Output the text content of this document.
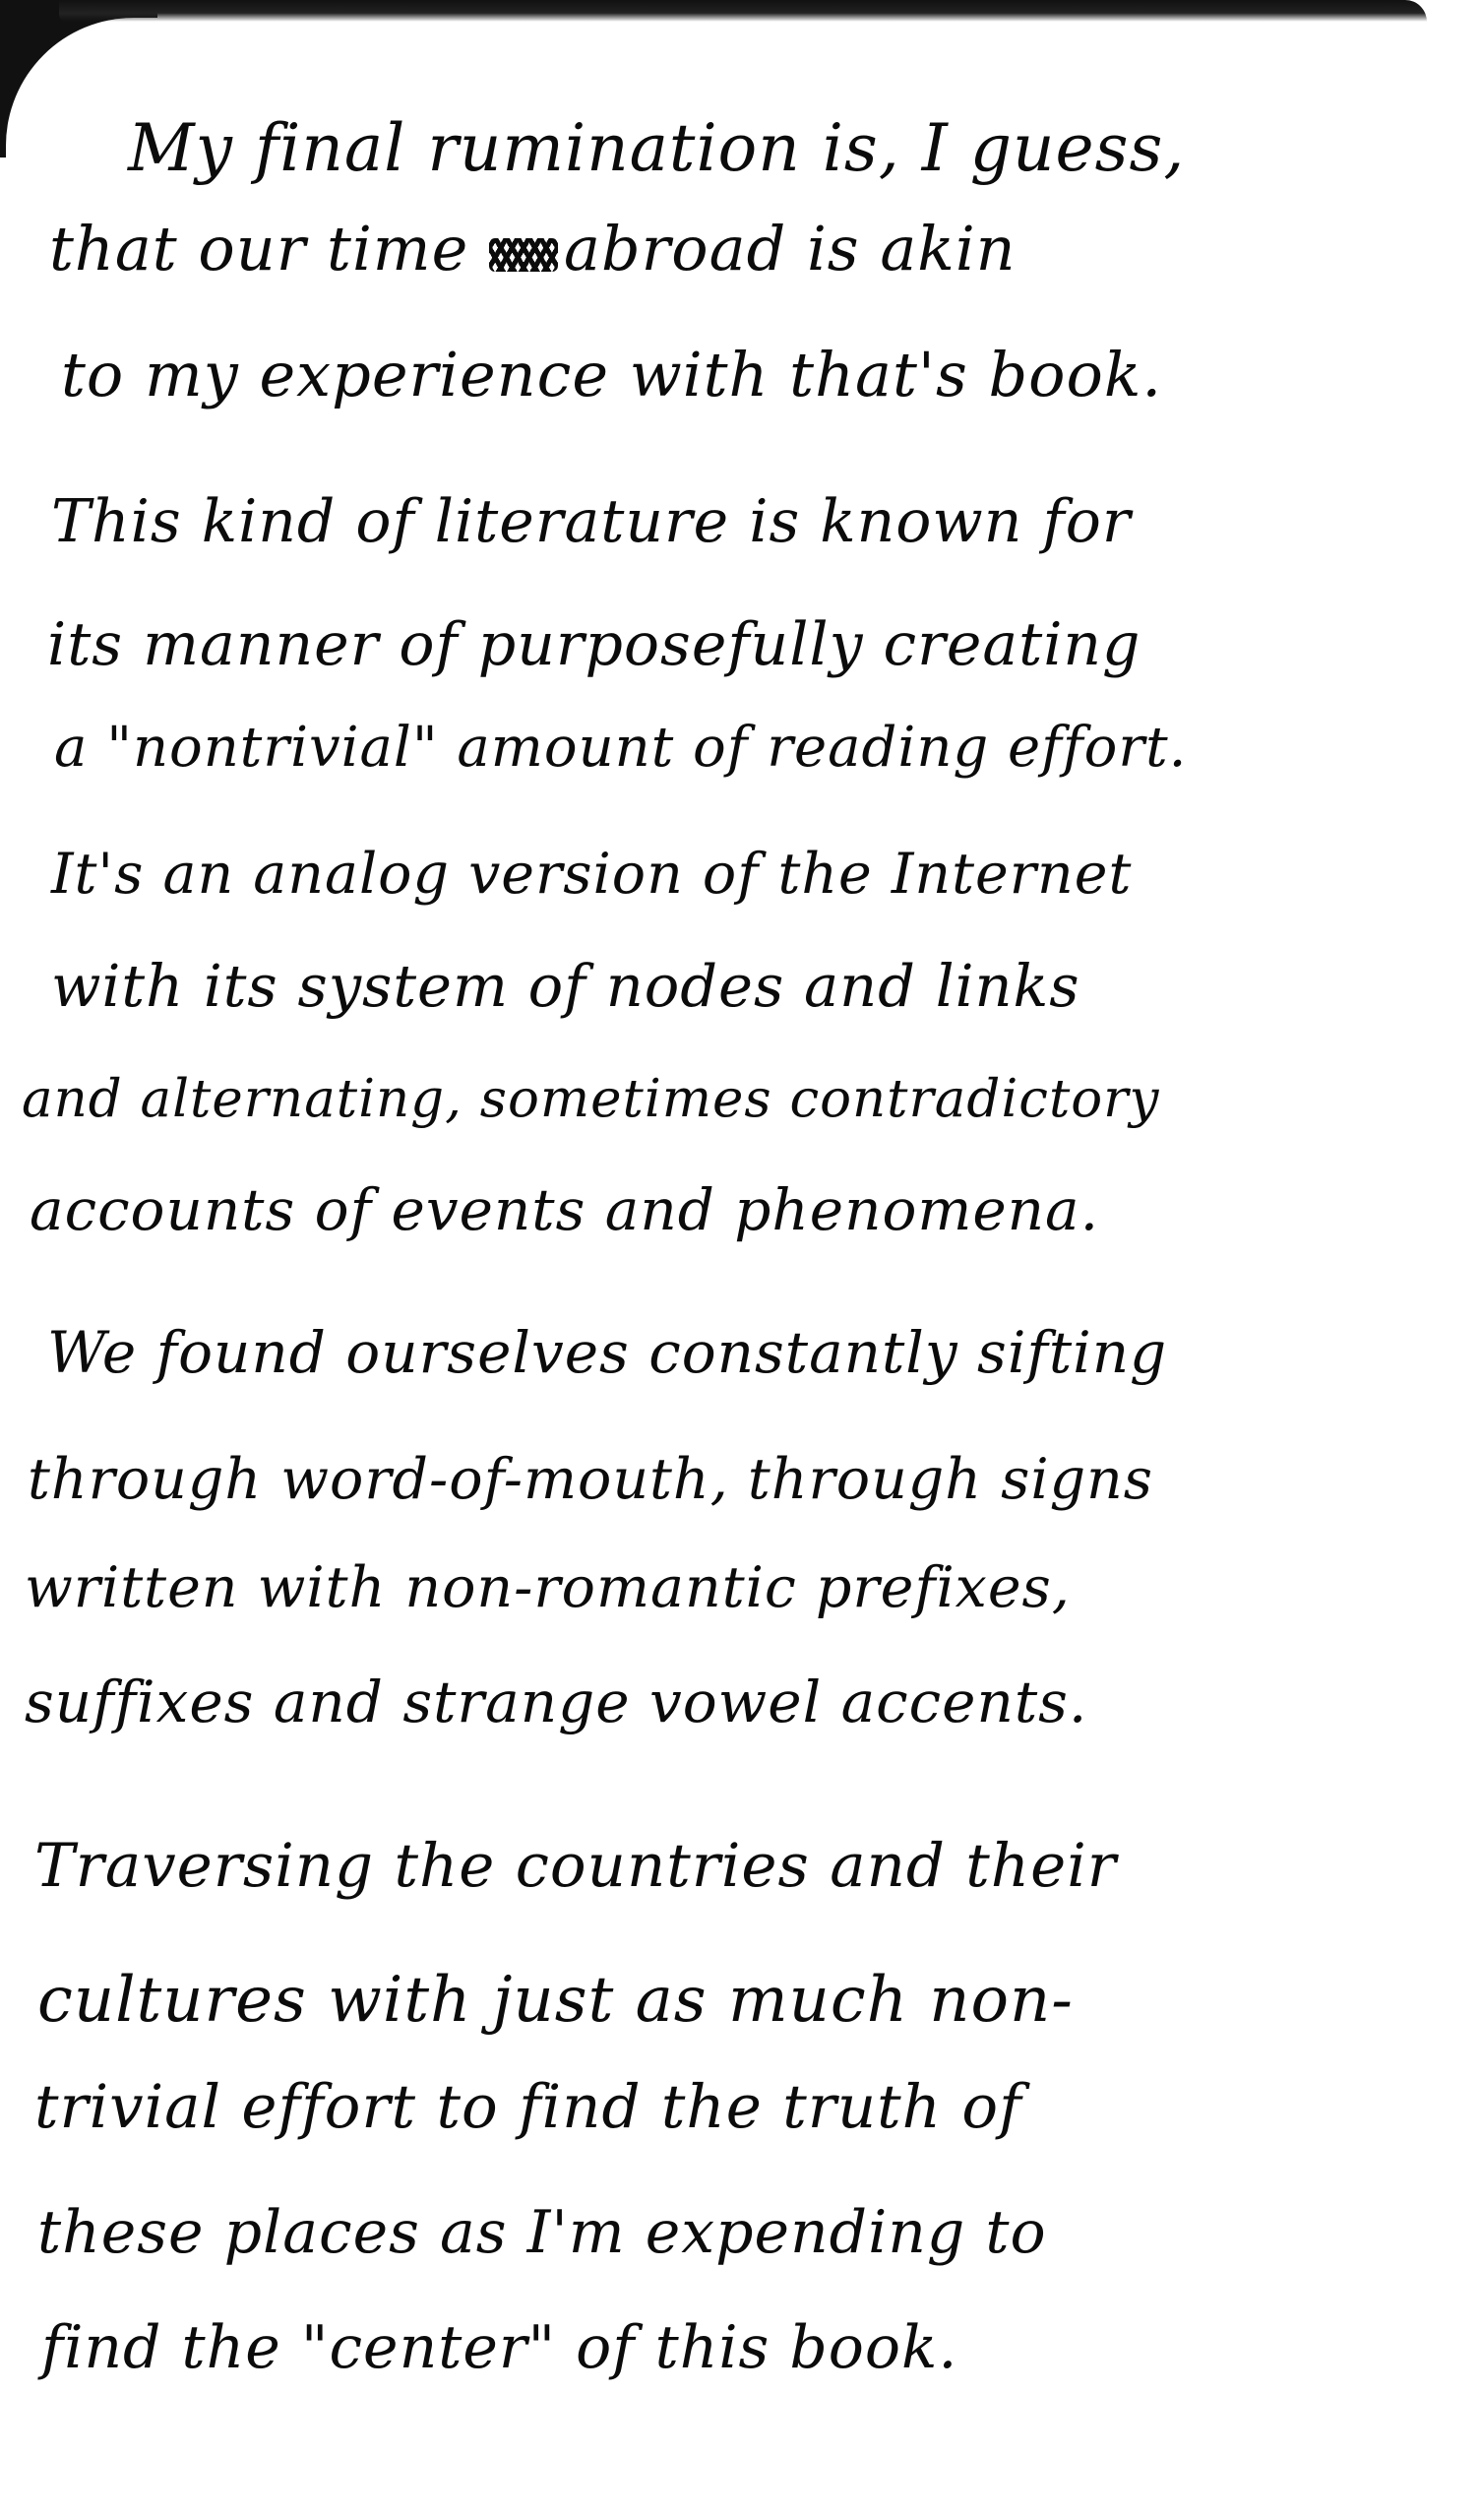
My final rumination is, I guess,
that our time abroad is akin
to my experience with that's book.
This kind of literature is known for
its manner of purposefully creating
a "nontrivial" amount of reading effort.
It's an analog version of the Internet
with its system of nodes and links
and alternating, sometimes contradictory
accounts of events and phenomena.
We found ourselves constantly sifting
through word-of-mouth, through signs
written with non-romantic prefixes,
suffixes and strange vowel accents.
Traversing the countries and their
cultures with just as much non-
trivial effort to find the truth of
these places as I'm expending to
find the "center" of this book.
